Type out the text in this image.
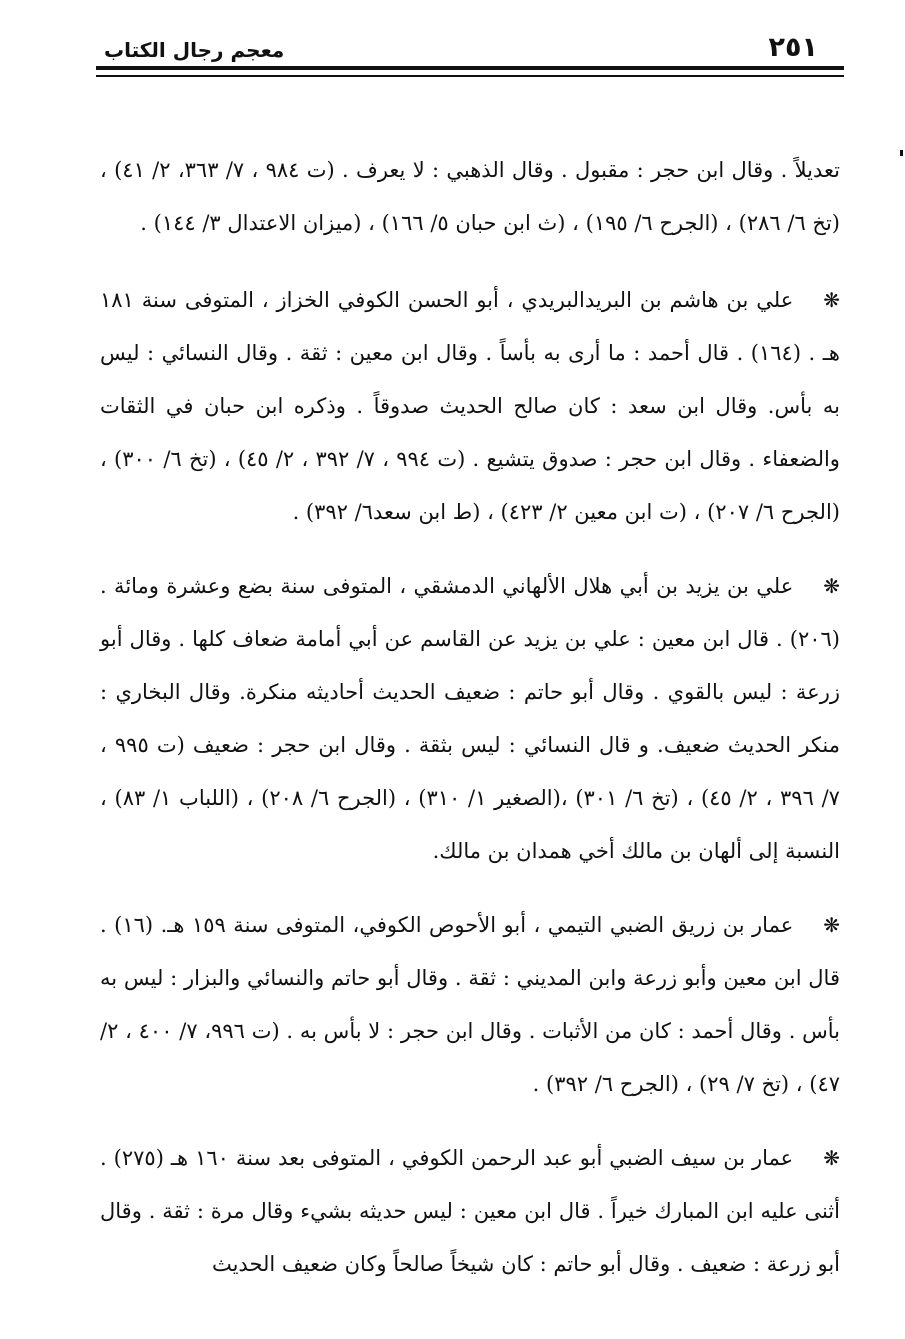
٢٥١
معجم رجال الكتاب

تعديلاً . وقال ابن حجر : مقبول . وقال الذهبي : لا يعرف . (ت ٩٨٤ ، ٧/ ٣٦٣، ٢/ ٤١) ، (تخ ٦/ ٢٨٦) ، (الجرح ٦/ ١٩٥) ، (ث ابن حبان ٥/ ١٦٦) ، (ميزان الاعتدال ٣/ ١٤٤) .

❋علي بن هاشم بن البريدالبريدي ، أبو الحسن الكوفي الخزاز ، المتوفى سنة ١٨١ هـ . (١٦٤) . قال أحمد : ما أرى به بأساً . وقال ابن معين : ثقة . وقال النسائي : ليس به بأس. وقال ابن سعد : كان صالح الحديث صدوقاً . وذكره ابن حبان في الثقات والضعفاء . وقال ابن حجر : صدوق يتشيع . (ت ٩٩٤ ، ٧/ ٣٩٢ ، ٢/ ٤٥) ، (تخ ٦/ ٣٠٠) ، (الجرح ٦/ ٢٠٧) ، (ت ابن معين ٢/ ٤٢٣) ، (ط ابن سعد٦/ ٣٩٢) .

❋علي بن يزيد بن أبي هلال الألهاني الدمشقي ، المتوفى سنة بضع وعشرة ومائة . (٢٠٦) . قال ابن معين : علي بن يزيد عن القاسم عن أبي أمامة ضعاف كلها . وقال أبو زرعة : ليس بالقوي . وقال أبو حاتم : ضعيف الحديث أحاديثه منكرة. وقال البخاري : منكر الحديث ضعيف. و قال النسائي : ليس بثقة . وقال ابن حجر : ضعيف (ت ٩٩٥ ، ٧/ ٣٩٦ ، ٢/ ٤٥) ، (تخ ٦/ ٣٠١) ،(الصغير ١/ ٣١٠) ، (الجرح ٦/ ٢٠٨) ، (اللباب ١/ ٨٣) ، النسبة إلى ألهان بن مالك أخي همدان بن مالك.

❋عمار بن زريق الضبي التيمي ، أبو الأحوص الكوفي، المتوفى سنة ١٥٩ هـ. (١٦) . قال ابن معين وأبو زرعة وابن المديني : ثقة . وقال أبو حاتم والنسائي والبزار : ليس به بأس . وقال أحمد : كان من الأثبات . وقال ابن حجر : لا بأس به . (ت ٩٩٦، ٧/ ٤٠٠ ، ٢/ ٤٧) ، (تخ ٧/ ٢٩) ، (الجرح ٦/ ٣٩٢) .

❋عمار بن سيف الضبي أبو عبد الرحمن الكوفي ، المتوفى بعد سنة ١٦٠ هـ (٢٧٥) . أثنى عليه ابن المبارك خيراً . قال ابن معين : ليس حديثه بشيء وقال مرة : ثقة . وقال أبو زرعة : ضعيف . وقال أبو حاتم : كان شيخاً صالحاً وكان ضعيف الحديث
